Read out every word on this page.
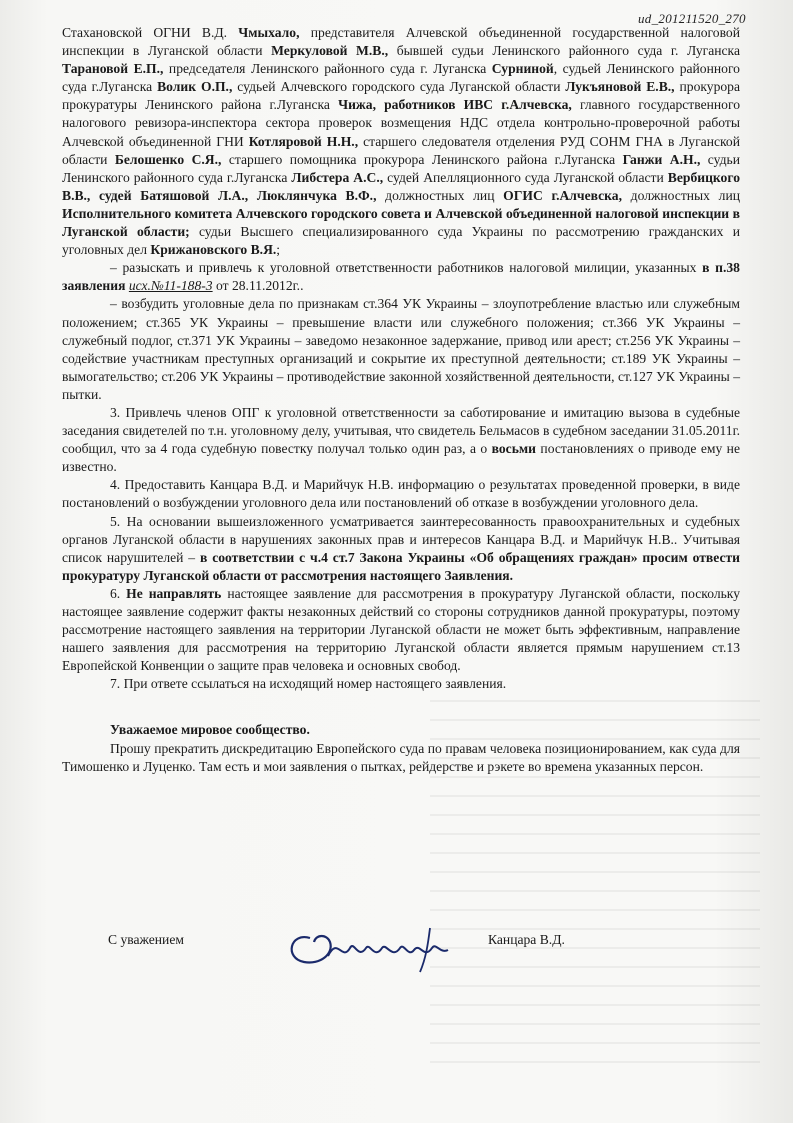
ud_201211520_270

Стахановской ОГНИ В.Д. Чмыхало, представителя Алчевской объединенной государственной налоговой инспекции в Луганской области Меркуловой М.В., бывшей судьи Ленинского районного суда г. Луганска Тарановой Е.П., председателя Ленинского районного суда г. Луганска Сурниной, судьей Ленинского районного суда г.Луганска Волик О.П., судьей Алчевского городского суда Луганской области Лукъяновой Е.В., прокурора прокуратуры Ленинского района г.Луганска Чижа, работников ИВС г.Алчевска, главного государственного налогового ревизора-инспектора сектора проверок возмещения НДС отдела контрольно-проверочной работы Алчевской объединенной ГНИ Котляровой Н.Н., старшего следователя отделения РУД СОНМ ГНА в Луганской области Белошенко С.Я., старшего помощника прокурора Ленинского района г.Луганска Ганжи А.Н., судьи Ленинского районного суда г.Луганска Либстера А.С., судей Апелляционного суда Луганской области Вербицкого В.В., судей Батяшовой Л.А., Люклянчука В.Ф., должностных лиц ОГИС г.Алчевска, должностных лиц Исполнительного комитета Алчевского городского совета и Алчевской объединенной налоговой инспекции в Луганской области; судьи Высшего специализированного суда Украины по рассмотрению гражданских и уголовных дел Крижановского В.Я.;

– разыскать и привлечь к уголовной ответственности работников налоговой милиции, указанных в п.38 заявления исх.№11-188-3 от 28.11.2012г..

– возбудить уголовные дела по признакам ст.364 УК Украины – злоупотребление властью или служебным положением; ст.365 УК Украины – превышение власти или служебного положения; ст.366 УК Украины – служебный подлог, ст.371 УК Украины – заведомо незаконное задержание, привод или арест; ст.256 УК Украины – содействие участникам преступных организаций и сокрытие их преступной деятельности; ст.189 УК Украины – вымогательство; ст.206 УК Украины – противодействие законной хозяйственной деятельности, ст.127 УК Украины – пытки.

3. Привлечь членов ОПГ к уголовной ответственности за саботирование и имитацию вызова в судебные заседания свидетелей по т.н. уголовному делу, учитывая, что свидетель Бельмасов в судебном заседании 31.05.2011г. сообщил, что за 4 года судебную повестку получал только один раз, а о восьми постановлениях о приводе ему не известно.

4. Предоставить Канцара В.Д. и Марийчук Н.В. информацию о результатах проведенной проверки, в виде постановлений о возбуждении уголовного дела или постановлений об отказе в возбуждении уголовного дела.

5. На основании вышеизложенного усматривается заинтересованность правоохранительных и судебных органов Луганской области в нарушениях законных прав и интересов Канцара В.Д. и Марийчук Н.В.. Учитывая список нарушителей – в соответствии с ч.4 ст.7 Закона Украины «Об обращениях граждан» просим отвести прокуратуру Луганской области от рассмотрения настоящего Заявления.

6. Не направлять настоящее заявление для рассмотрения в прокуратуру Луганской области, поскольку настоящее заявление содержит факты незаконных действий со стороны сотрудников данной прокуратуры, поэтому рассмотрение настоящего заявления на территории Луганской области не может быть эффективным, направление нашего заявления для рассмотрения на территорию Луганской области является прямым нарушением ст.13 Европейской Конвенции о защите прав человека и основных свобод.

7. При ответе ссылаться на исходящий номер настоящего заявления.

Уважаемое мировое сообщество.

Прошу прекратить дискредитацию Европейского суда по правам человека позиционированием, как суда для Тимошенко и Луценко. Там есть и мои заявления о пытках, рейдерстве и рэкете во времена указанных персон.

С уважением	Канцара В.Д.
